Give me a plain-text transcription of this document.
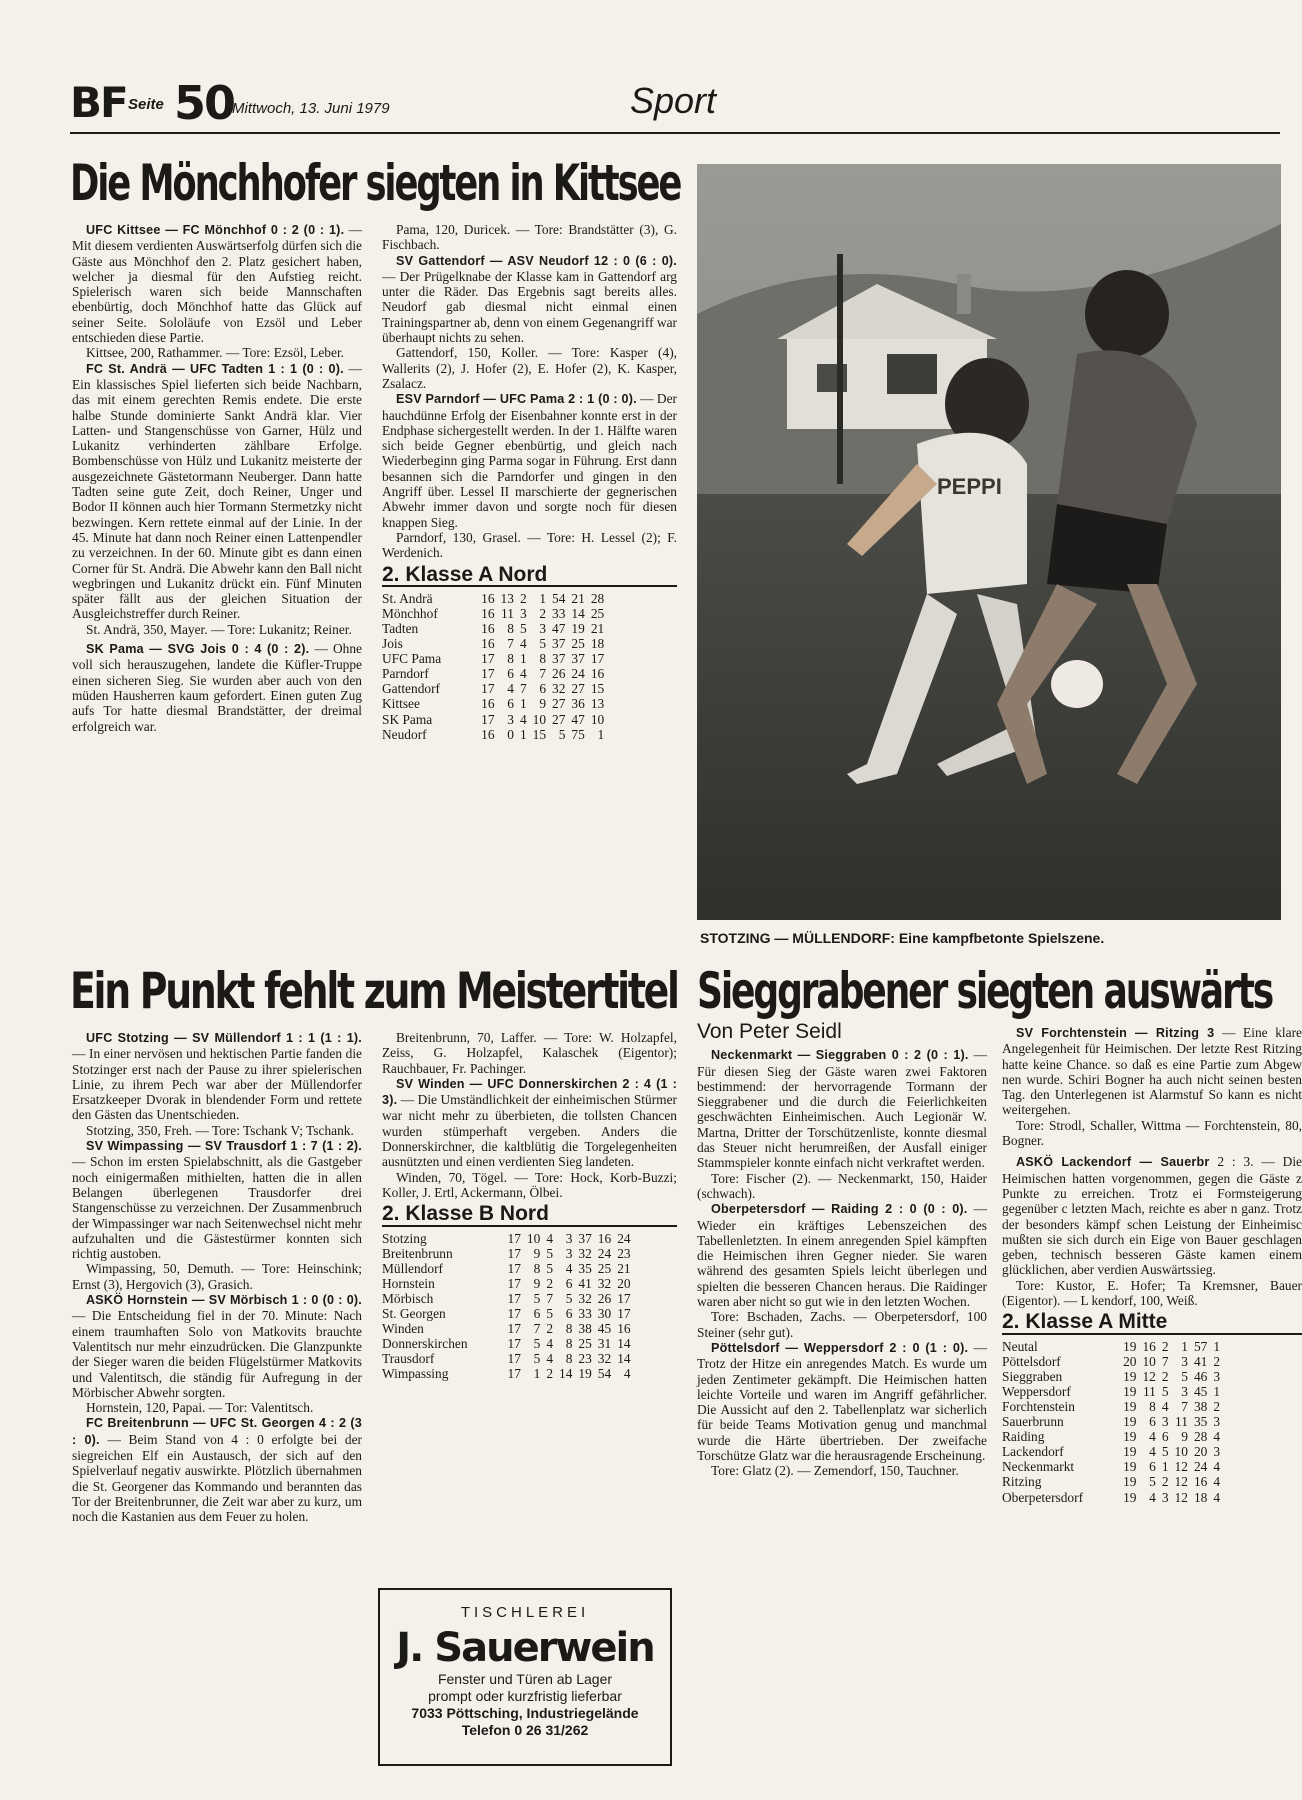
BF Seite 50
Mittwoch, 13. Juni 1979	Sport
Die Mönchhofer siegten in Kittsee

UFC Kittsee — FC Mönchhof 0 : 2 (0 : 1). — Mit diesem verdienten Auswärtserfolg dürfen sich die Gäste aus Mönchhof den 2. Platz gesichert haben, welcher ja diesmal für den Aufstieg reicht. Spielerisch waren sich beide Mannschaften ebenbürtig, doch Mönchhof hatte das Glück auf seiner Seite. Sololäufe von Ezsöl und Leber entschieden diese Partie.

Kittsee, 200, Rathammer. — Tore: Ezsöl, Leber.

FC St. Andrä — UFC Tadten 1 : 1 (0 : 0). — Ein klassisches Spiel lieferten sich beide Nachbarn, das mit einem gerechten Remis endete. Die erste halbe Stunde dominierte Sankt Andrä klar. Vier Latten- und Stangenschüsse von Garner, Hülz und Lukanitz verhinderten zählbare Erfolge. Bombenschüsse von Hülz und Lukanitz meisterte der ausgezeichnete Gästetormann Neuberger. Dann hatte Tadten seine gute Zeit, doch Reiner, Unger und Bodor II können auch hier Tormann Stermetzky nicht bezwingen. Kern rettete einmal auf der Linie. In der 45. Minute hat dann noch Reiner einen Lattenpendler zu verzeichnen. In der 60. Minute gibt es dann einen Corner für St. Andrä. Die Abwehr kann den Ball nicht wegbringen und Lukanitz drückt ein. Fünf Minuten später fällt aus der gleichen Situation der Ausgleichstreffer durch Reiner.

St. Andrä, 350, Mayer. — Tore: Lukanitz; Reiner.

SK Pama — SVG Jois 0 : 4 (0 : 2). — Ohne voll sich herauszugehen, landete die Küfler-Truppe einen sicheren Sieg. Sie wurden aber auch von den müden Hausherren kaum gefordert. Einen guten Zug aufs Tor hatte diesmal Brandstätter, der dreimal erfolgreich war.

Pama, 120, Duricek. — Tore: Brandstätter (3), G. Fischbach.

SV Gattendorf — ASV Neudorf 12 : 0 (6 : 0). — Der Prügelknabe der Klasse kam in Gattendorf arg unter die Räder. Das Ergebnis sagt bereits alles. Neudorf gab diesmal nicht einmal einen Trainingspartner ab, denn von einem Gegenangriff war überhaupt nichts zu sehen.

Gattendorf, 150, Koller. — Tore: Kasper (4), Wallerits (2), J. Hofer (2), E. Hofer (2), K. Kasper, Zsalacz.

ESV Parndorf — UFC Pama 2 : 1 (0 : 0). — Der hauchdünne Erfolg der Eisenbahner konnte erst in der Endphase sichergestellt werden. In der 1. Hälfte waren sich beide Gegner ebenbürtig, und gleich nach Wiederbeginn ging Parma sogar in Führung. Erst dann besannen sich die Parndorfer und gingen in den Angriff über. Lessel II marschierte der gegnerischen Abwehr immer davon und sorgte noch für diesen knappen Sieg.

Parndorf, 130, Grasel. — Tore: H. Lessel (2); F. Werdenich.

2. Klasse A Nord
St. Andrä	16	13	2	1	54	21	28
Mönchhof	16	11	3	2	33	14	25
Tadten	16	8	5	3	47	19	21
Jois	16	7	4	5	37	25	18
UFC Pama	17	8	1	8	37	37	17
Parndorf	17	6	4	7	26	24	16
Gattendorf	17	4	7	6	32	27	15
Kittsee	16	6	1	9	27	36	13
SK Pama	17	3	4	10	27	47	10
Neudorf	16	0	1	15	5	75	1
PEPPI
STOTZING — MÜLLENDORF: Eine kampfbetonte Spielszene.
Ein Punkt fehlt zum Meistertitel

UFC Stotzing — SV Müllendorf 1 : 1 (1 : 1). — In einer nervösen und hektischen Partie fanden die Stotzinger erst nach der Pause zu ihrer spielerischen Linie, zu ihrem Pech war aber der Müllendorfer Ersatzkeeper Dvorak in blendender Form und rettete den Gästen das Unentschieden.

Stotzing, 350, Freh. — Tore: Tschank V; Tschank.

SV Wimpassing — SV Trausdorf 1 : 7 (1 : 2). — Schon im ersten Spielabschnitt, als die Gastgeber noch einigermaßen mithielten, hatten die in allen Belangen überlegenen Trausdorfer drei Stangenschüsse zu verzeichnen. Der Zusammenbruch der Wimpassinger war nach Seitenwechsel nicht mehr aufzuhalten und die Gästestürmer konnten sich richtig austoben.

Wimpassing, 50, Demuth. — Tore: Heinschink; Ernst (3), Hergovich (3), Grasich.

ASKÖ Hornstein — SV Mörbisch 1 : 0 (0 : 0). — Die Entscheidung fiel in der 70. Minute: Nach einem traumhaften Solo von Matkovits brauchte Valentitsch nur mehr einzudrücken. Die Glanzpunkte der Sieger waren die beiden Flügelstürmer Matkovits und Valentitsch, die ständig für Aufregung in der Mörbischer Abwehr sorgten.

Hornstein, 120, Papai. — Tor: Valentitsch.

FC Breitenbrunn — UFC St. Georgen 4 : 2 (3 : 0). — Beim Stand von 4 : 0 erfolgte bei der siegreichen Elf ein Austausch, der sich auf den Spielverlauf negativ auswirkte. Plötzlich übernahmen die St. Georgener das Kommando und berannten das Tor der Breitenbrunner, die Zeit war aber zu kurz, um noch die Kastanien aus dem Feuer zu holen.

Breitenbrunn, 70, Laffer. — Tore: W. Holzapfel, Zeiss, G. Holzapfel, Kalaschek (Eigentor); Rauchbauer, Fr. Pachinger.

SV Winden — UFC Donnerskirchen 2 : 4 (1 : 3). — Die Umständlichkeit der einheimischen Stürmer war nicht mehr zu überbieten, die tollsten Chancen wurden stümperhaft vergeben. Anders die Donnerskirchner, die kaltblütig die Torgelegenheiten ausnützten und einen verdienten Sieg landeten.

Winden, 70, Tögel. — Tore: Hock, Korb-Buzzi; Koller, J. Ertl, Ackermann, Ölbei.

2. Klasse B Nord
Stotzing	17	10	4	3	37	16	24
Breitenbrunn	17	9	5	3	32	24	23
Müllendorf	17	8	5	4	35	25	21
Hornstein	17	9	2	6	41	32	20
Mörbisch	17	5	7	5	32	26	17
St. Georgen	17	6	5	6	33	30	17
Winden	17	7	2	8	38	45	16
Donnerskirchen	17	5	4	8	25	31	14
Trausdorf	17	5	4	8	23	32	14
Wimpassing	17	1	2	14	19	54	4
TISCHLEREI
J. Sauerwein
Fenster und Türen ab Lager
prompt oder kurzfristig lieferbar
7033 Pöttsching, Industriegelände
Telefon 0 26 31/262
Sieggrabener siegten auswärts
Von Peter Seidl

Neckenmarkt — Sieggraben 0 : 2 (0 : 1). — Für diesen Sieg der Gäste waren zwei Faktoren bestimmend: der hervorragende Tormann der Sieggrabener und die durch die Feierlichkeiten geschwächten Einheimischen. Auch Legionär W. Martna, Dritter der Torschützenliste, konnte diesmal das Steuer nicht herumreißen, der Ausfall einiger Stammspieler konnte einfach nicht verkraftet werden.

Tore: Fischer (2). — Neckenmarkt, 150, Haider (schwach).

Oberpetersdorf — Raiding 2 : 0 (0 : 0). — Wieder ein kräftiges Lebenszeichen des Tabellenletzten. In einem anregenden Spiel kämpften die Heimischen ihren Gegner nieder. Sie waren während des gesamten Spiels leicht überlegen und spielten die besseren Chancen heraus. Die Raidinger waren aber nicht so gut wie in den letzten Wochen.

Tore: Bschaden, Zachs. — Oberpetersdorf, 100 Steiner (sehr gut).

Pöttelsdorf — Weppersdorf 2 : 0 (1 : 0). — Trotz der Hitze ein anregendes Match. Es wurde um jeden Zentimeter gekämpft. Die Heimischen hatten leichte Vorteile und waren im Angriff gefährlicher. Die Aussicht auf den 2. Tabellenplatz war sicherlich für beide Teams Motivation genug und manchmal wurde die Härte übertrieben. Der zweifache Torschütze Glatz war die herausragende Erscheinung.

Tore: Glatz (2). — Zemendorf, 150, Tauchner.

SV Forchtenstein — Ritzing 3 — Eine klare Angelegenheit für Heimischen. Der letzte Rest Ritzing hatte keine Chance. so daß es eine Partie zum Abgew nen wurde. Schiri Bogner ha auch nicht seinen besten Tag. den Unterlegenen ist Alarmstuf So kann es nicht weitergehen.

Tore: Strodl, Schaller, Wittma — Forchtenstein, 80, Bogner.

ASKÖ Lackendorf — Sauerbr 2 : 3. — Die Heimischen hatten vorgenommen, gegen die Gäste z Punkte zu erreichen. Trotz ei Formsteigerung gegenüber c letzten Mach, reichte es aber n ganz. Trotz der besonders kämpf schen Leistung der Einheimisc mußten sie sich durch ein Eige von Bauer geschlagen geben, technisch besseren Gäste kamen einem glücklichen, aber verdien Auswärtssieg.

Tore: Kustor, E. Hofer; Ta Kremsner, Bauer (Eigentor). — L kendorf, 100, Weiß.

2. Klasse A Mitte
Neutal	19	16	2	1	57	1
Pöttelsdorf	20	10	7	3	41	2
Sieggraben	19	12	2	5	46	3
Weppersdorf	19	11	5	3	45	1
Forchtenstein	19	8	4	7	38	2
Sauerbrunn	19	6	3	11	35	3
Raiding	19	4	6	9	28	4
Lackendorf	19	4	5	10	20	3
Neckenmarkt	19	6	1	12	24	4
Ritzing	19	5	2	12	16	4
Oberpetersdorf	19	4	3	12	18	4
